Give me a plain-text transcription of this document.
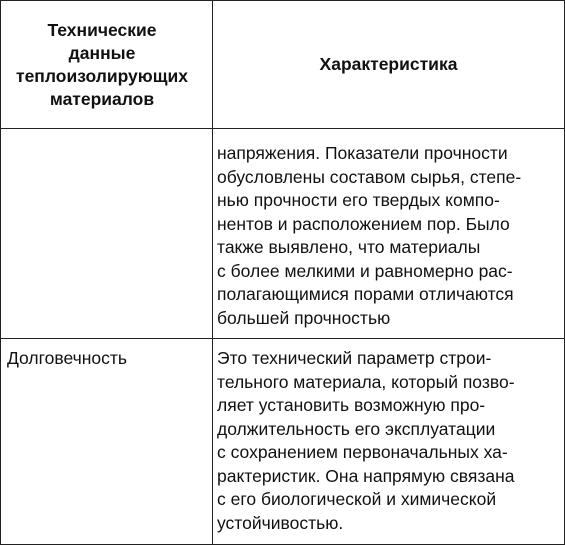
Технические
данные
теплоизолирующих
материалов
Характеристика
напряжения. Показатели прочности
обусловлены составом сырья, степе-
нью прочности его твердых компо-
нентов и расположением пор. Было
также выявлено, что материалы
с более мелкими и равномерно рас-
полагающимися порами отличаются
большей прочностью
Долговечность	Это технический параметр строи-
тельного материала, который позво-
ляет установить возможную про-
должительность его эксплуатации
с сохранением первоначальных ха-
рактеристик. Она напрямую связана
с его биологической и химической
устойчивостью.
